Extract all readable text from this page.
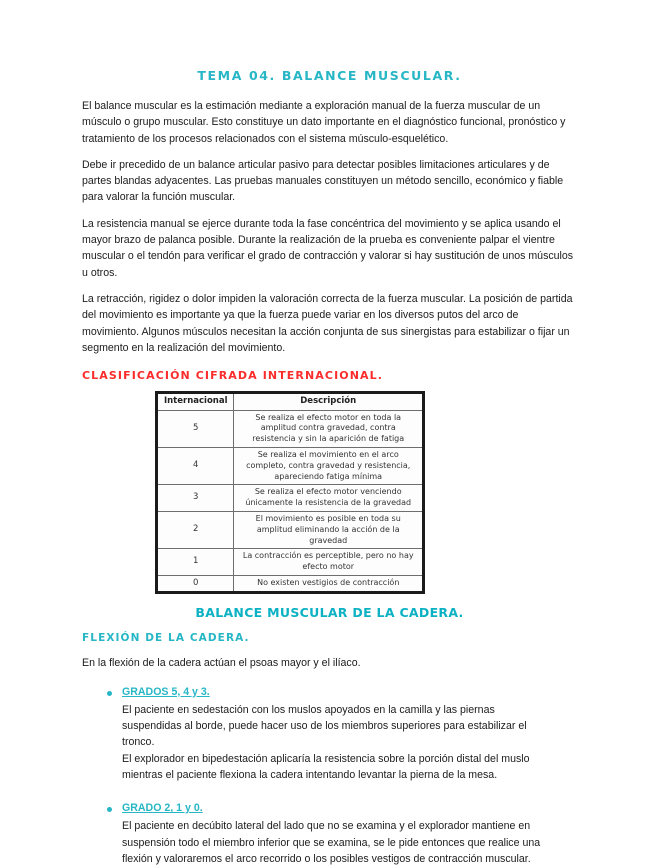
TEMA 04. BALANCE MUSCULAR.

El balance muscular es la estimación mediante a exploración manual de la fuerza muscular de un músculo o grupo muscular. Esto constituye un dato importante en el diagnóstico funcional, pronóstico y tratamiento de los procesos relacionados con el sistema músculo-esquelético.

Debe ir precedido de un balance articular pasivo para detectar posibles limitaciones articulares y de partes blandas adyacentes. Las pruebas manuales constituyen un método sencillo, económico y fiable para valorar la función muscular.

La resistencia manual se ejerce durante toda la fase concéntrica del movimiento y se aplica usando el mayor brazo de palanca posible. Durante la realización de la prueba es conveniente palpar el vientre muscular o el tendón para verificar el grado de contracción y valorar si hay sustitución de unos músculos u otros.

La retracción, rigidez o dolor impiden la valoración correcta de la fuerza muscular. La posición de partida del movimiento es importante ya que la fuerza puede variar en los diversos putos del arco de movimiento. Algunos músculos necesitan la acción conjunta de sus sinergistas para estabilizar o fijar un segmento en la realización del movimiento.

CLASIFICACIÓN CIFRADA INTERNACIONAL.
Internacional	Descripción
5	Se realiza el efecto motor en toda la amplitud contra gravedad, contra resistencia y sin la aparición de fatiga
4	Se realiza el movimiento en el arco completo, contra gravedad y resistencia, apareciendo fatiga mínima
3	Se realiza el efecto motor venciendo únicamente la resistencia de la gravedad
2	El movimiento es posible en toda su amplitud eliminando la acción de la gravedad
1	La contracción es perceptible, pero no hay efecto motor
0	No existen vestigios de contracción
BALANCE MUSCULAR DE LA CADERA.
FLEXIÓN DE LA CADERA.

En la flexión de la cadera actúan el psoas mayor y el ilíaco.

GRADOS 5, 4 y 3.

El paciente en sedestación con los muslos apoyados en la camilla y las piernas suspendidas al borde, puede hacer uso de los miembros superiores para estabilizar el tronco.

El explorador en bipedestación aplicaría la resistencia sobre la porción distal del muslo mientras el paciente flexiona la cadera intentando levantar la pierna de la mesa.

GRADO 2, 1 y 0.

El paciente en decúbito lateral del lado que no se examina y el explorador mantiene en suspensión todo el miembro inferior que se examina, se le pide entonces que realice una flexión y valoraremos el arco recorrido o los posibles vestigos de contracción muscular.
